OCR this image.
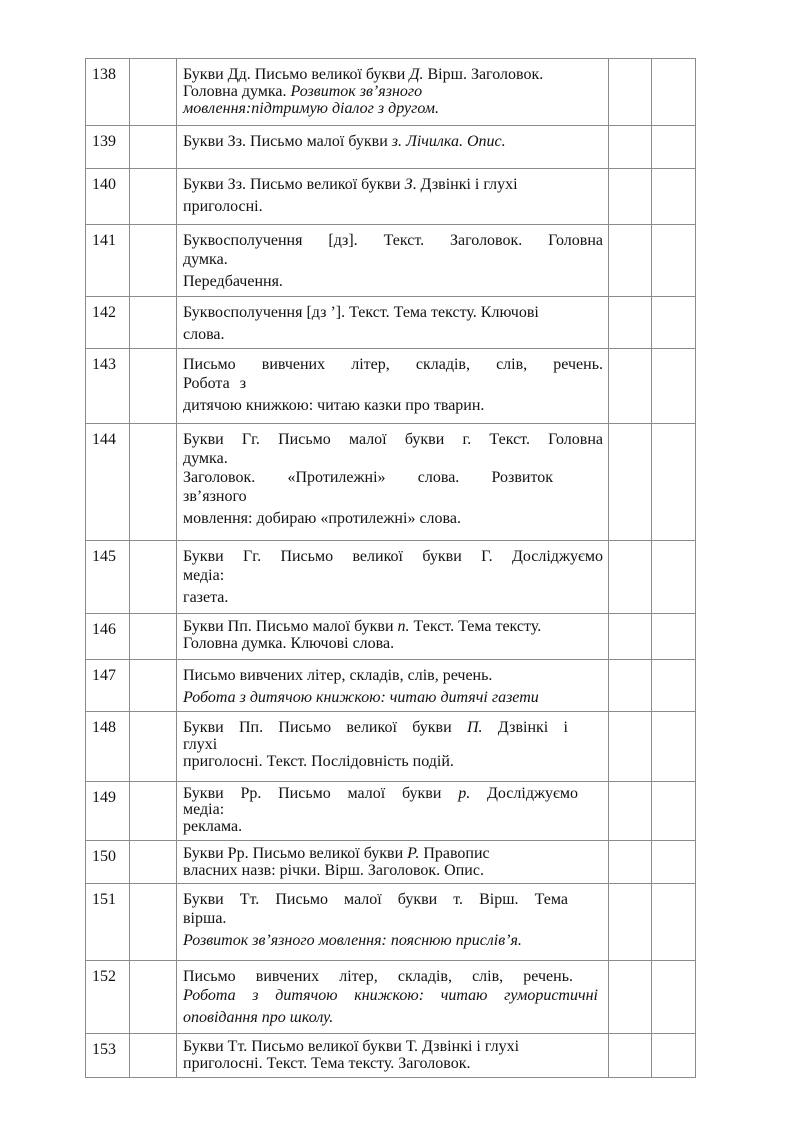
138		Букви Дд. Письмо великої букви Д. Вірш. Заголовок.
Головна думка. Розвиток зв’язного
мовлення:підтримую діалог з другом.		

139		Букви Зз. Письмо малої букви з. Лічилка. Опис.		

140		Букви Зз. Письмо великої букви З. Дзвінкі і глухі
приголосні.		

141		Буквосполучення [дз]. Текст. Заголовок. Головна
думка.
Передбачення.		

142		Буквосполучення [дз ’]. Текст. Тема тексту. Ключові
слова.		

143		Письмо вивчених літер, складів, слів, речень.
Робота з
дитячою книжкою: читаю казки про тварин.		

144		Букви Гг. Письмо малої букви г. Текст. Головна
думка.
Заголовок. «Протилежні» слова. Розвиток
зв’язного
мовлення: добираю «протилежні» слова.		

145		Букви Гг. Письмо великої букви Г. Досліджуємо
медіа:
газета.		

146		Букви Пп. Письмо малої букви п. Текст. Тема тексту.
Головна думка. Ключові слова.		

147		Письмо вивчених літер, складів, слів, речень.
Робота з дитячою книжкою: читаю дитячі газети		

148		Букви Пп. Письмо великої букви П. Дзвінкі і
глухі
приголосні. Текст. Послідовність подій.		

149		Букви Рр. Письмо малої букви р. Досліджуємо
медіа:
реклама.		

150		Букви Рр. Письмо великої букви Р. Правопис
власних назв: річки. Вірш. Заголовок. Опис.		

151		Букви Тт. Письмо малої букви т. Вірш. Тема
вірша.
Розвиток зв’язного мовлення: пояснюю прислів’я.		

152		Письмо вивчених літер, складів, слів, речень.
Робота з дитячою книжкою: читаю гумористичні
оповідання про школу.		

153		Букви Тт. Письмо великої букви Т. Дзвінкі і глухі
приголосні. Текст. Тема тексту. Заголовок.		
